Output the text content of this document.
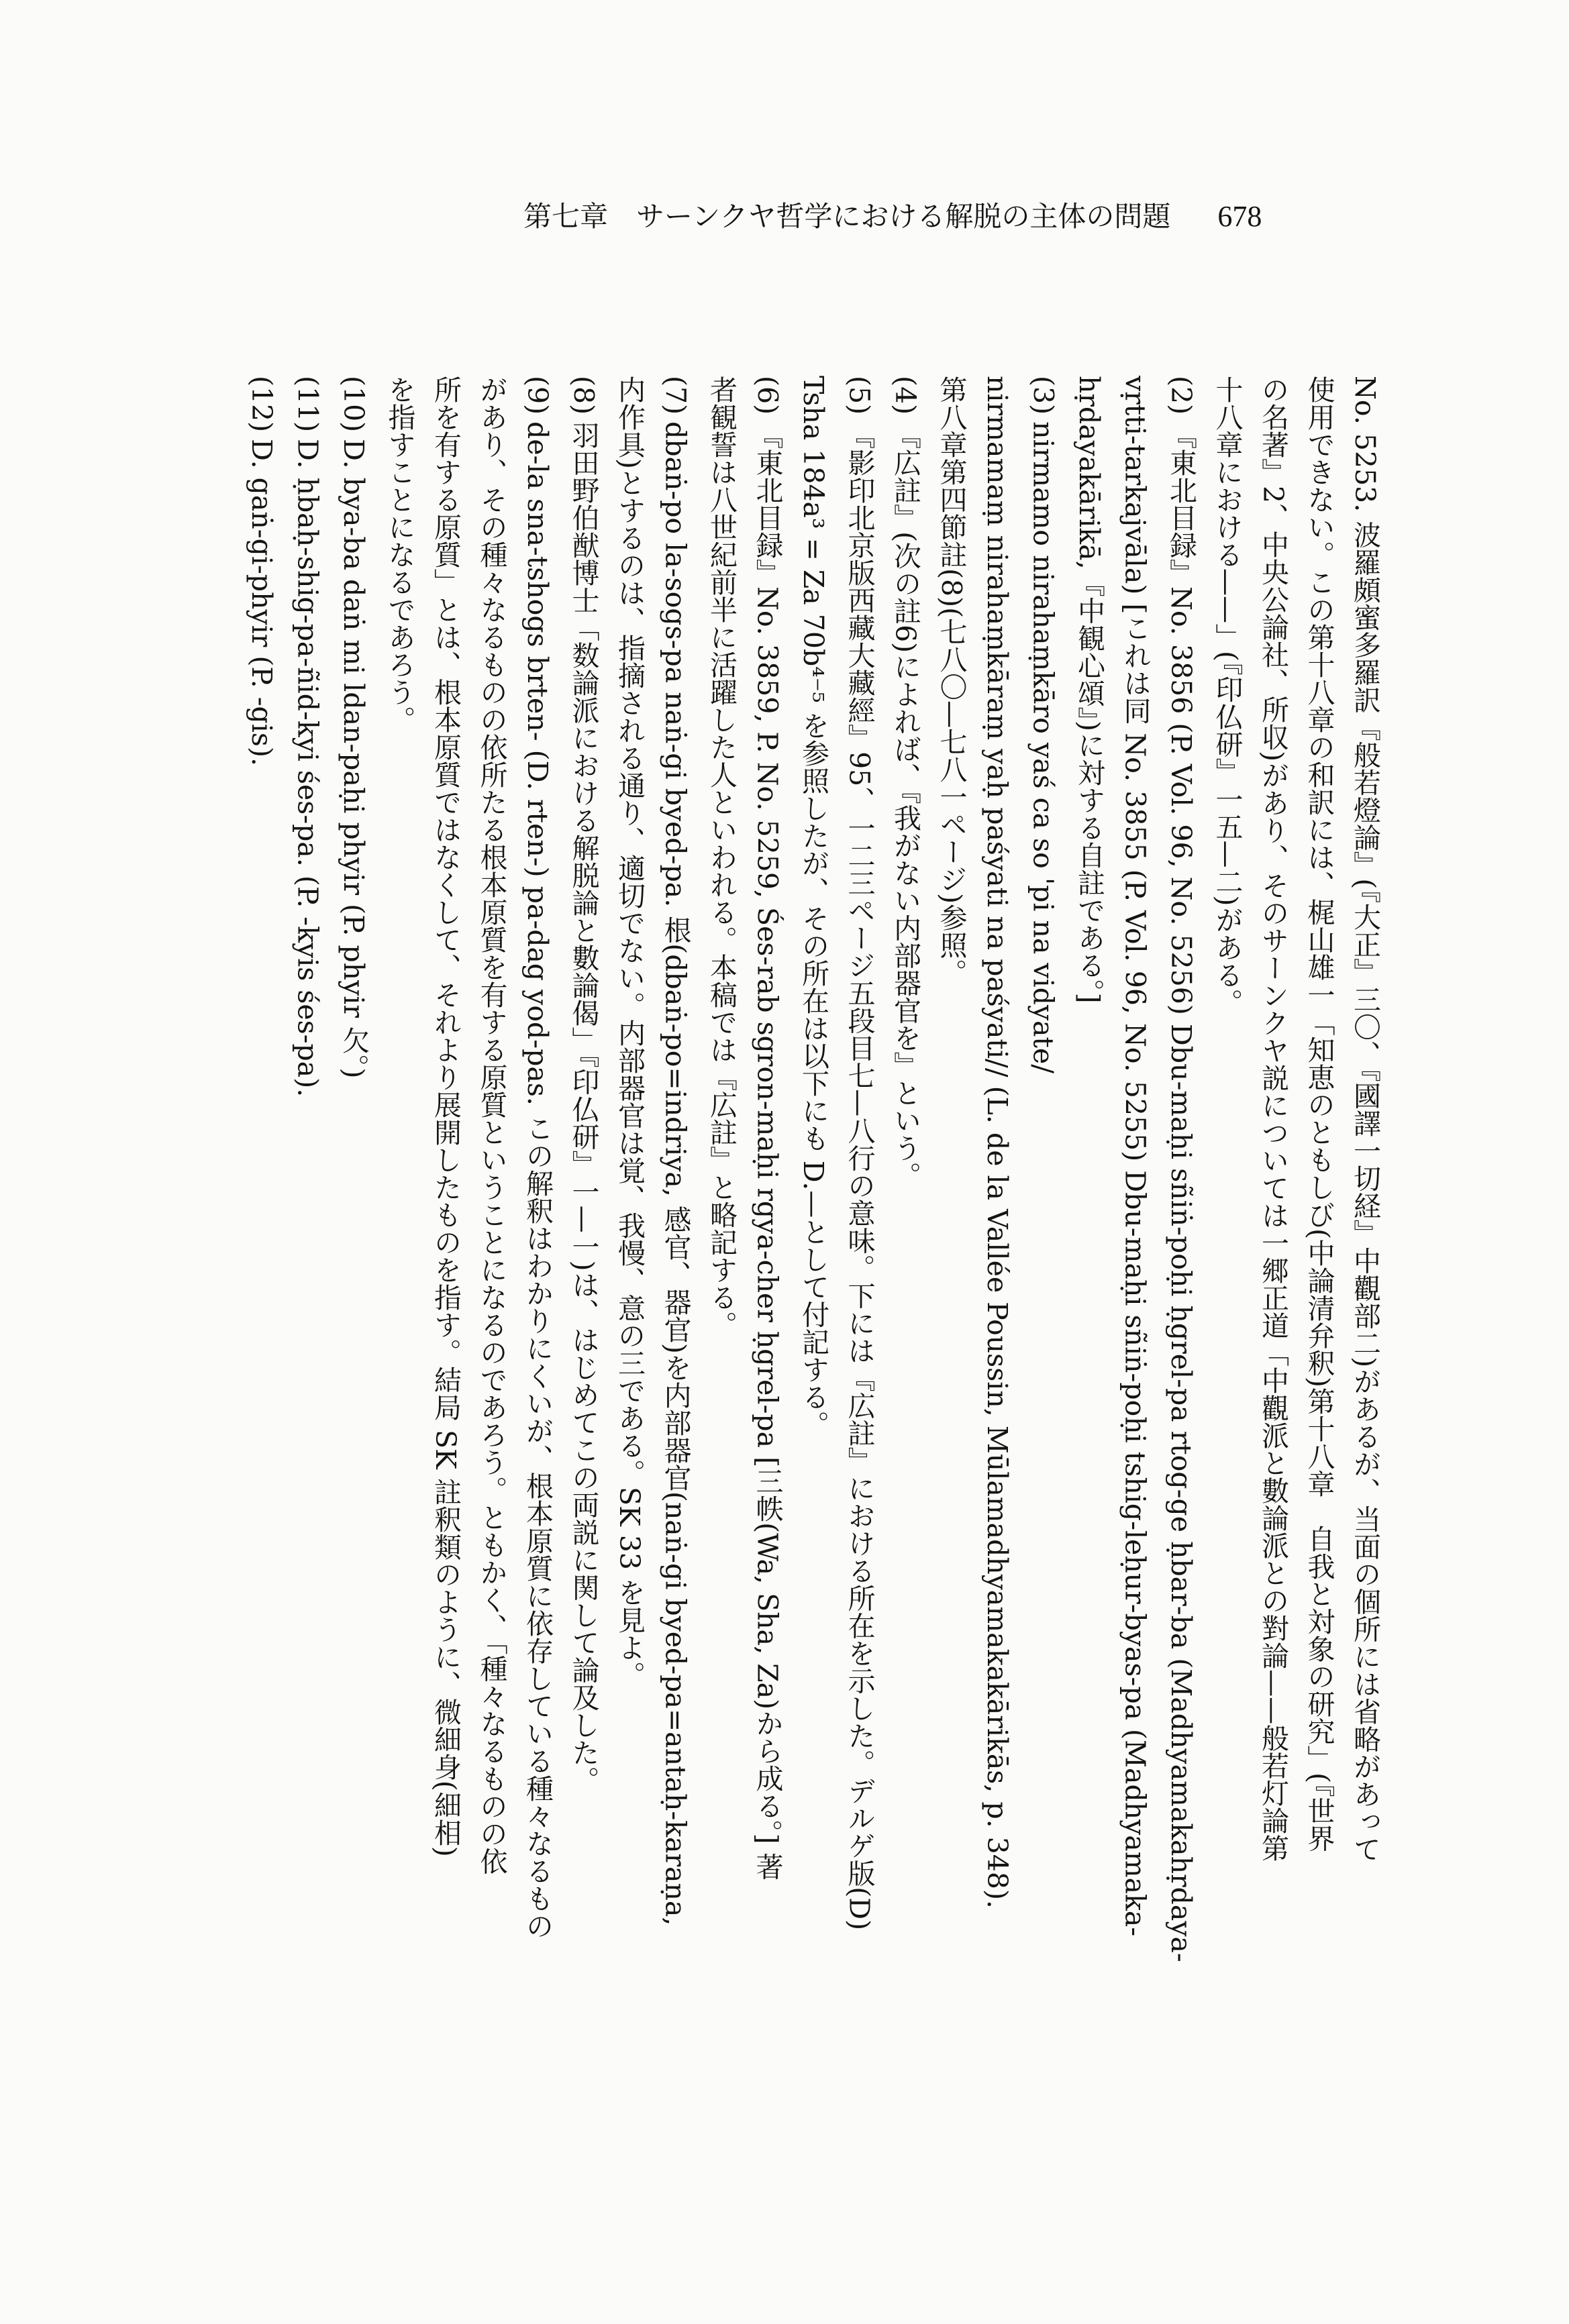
第七章　サーンクヤ哲学における解脱の主体の問題 678
No. 5253. 波羅頗蜜多羅訳『般若燈論』(『大正』三〇、『國譯一切経』中觀部二)があるが、当面の個所には省略があって
使用できない。この第十八章の和訳には、梶山雄一「知恵のともしび(中論清弁釈)第十八章　自我と対象の研究」(『世界
の名著』2、中央公論社、所収)があり、そのサーンクヤ説については一郷正道「中觀派と數論派との對論——般若灯論第
十八章における——」(『印仏研』一五—二)がある。
(2)『東北目録』No. 3856 (P. Vol. 96, No. 5256) Dbu-maḥi sñiṅ-poḥi ḥgrel-pa rtog-ge ḥbar-ba (Madhyamakahṛdaya-
vṛtti-tarkajvāla) [これは同 No. 3855 (P. Vol. 96, No. 5255) Dbu-maḥi sñiṅ-poḥi tshig-leḥur-byas-pa (Madhyamaka-
hṛdayakārikā,『中観心頌』)に対する自註である。]
(3)nirmamo nirahaṃkāro yaś ca so 'pi na vidyate/
nirmamaṃ nirahaṃkāraṃ yaḥ paśyati na paśyati// (L. de la Vallée Poussin, Mūlamadhyamakakārikās, p. 348).
第八章第四節註(8)(七八〇—七八一ページ)参照。
(4)『広註』(次の註6)によれば、『我がない内部器官を』という。
(5)『影印北京版西藏大藏經』95、一二三ページ五段目七—八行の意味。下には『広註』における所在を示した。デルゲ版(D)
Tsha 184a³ = Za 70b⁴⁻⁵ を参照したが、その所在は以下にも D.—として付記する。
(6)『東北目録』No. 3859, P. No. 5259, Śes-rab sgron-maḥi rgya-cher ḥgrel-pa [三帙(Wa, Sha, Za)から成る。] 著
者観誓は八世紀前半に活躍した人といわれる。本稿では『広註』と略記する。
(7)dbaṅ-po la-sogs-pa naṅ-gi byed-pa. 根(dbaṅ-po=indriya, 感官、器官)を内部器官(naṅ-gi byed-pa=antaḥ-karaṇa,
内作具)とするのは、指摘される通り、適切でない。内部器官は覚、我慢、意の三である。SK 33 を見よ。
(8)羽田野伯猷博士「数論派における解脱論と數論偈」『印仏研』一—一)は、はじめてこの両説に関して論及した。
(9)de-la sna-tshogs brten- (D. rten-) pa-dag yod-pas. この解釈はわかりにくいが、根本原質に依存している種々なるもの
があり、その種々なるものの依所たる根本原質を有する原質ということになるのであろう。ともかく、「種々なるものの依
所を有する原質」とは、根本原質ではなくして、それより展開したものを指す。結局 SK 註釈類のように、微細身(細相)
を指すことになるであろう。
(10)D. bya-ba daṅ mi ldan-paḥi phyir (P. phyir 欠。)
(11)D. ḥbaḥ-shig-pa-ñid-kyi śes-pa. (P. -kyis śes-pa).
(12)D. gaṅ-gi-phyir (P. -gis).
